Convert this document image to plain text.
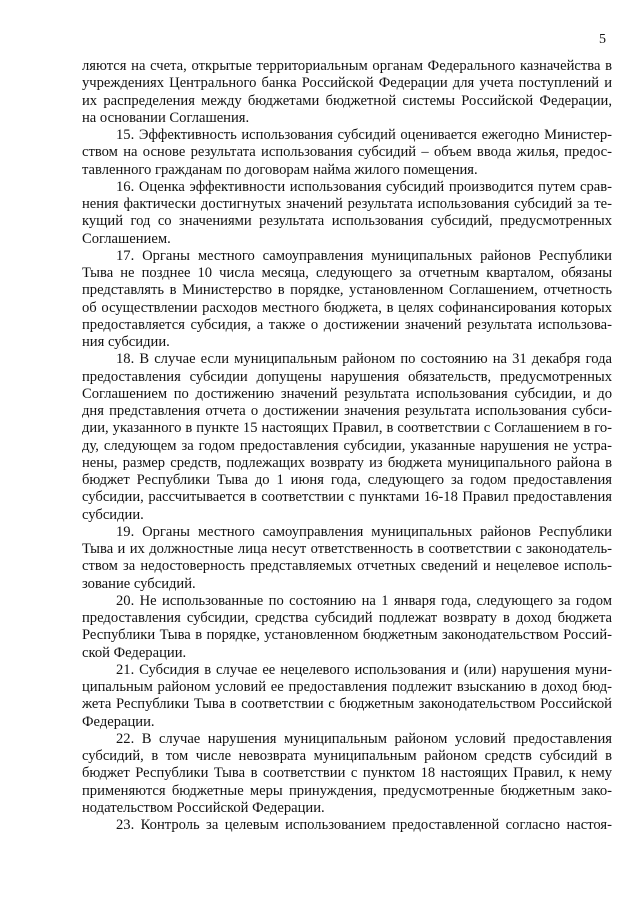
5
ляются на счета, открытые территориальным органам Федерального казначейства в
учреждениях Центрального банка Российской Федерации для учета поступлений и
их распределения между бюджетами бюджетной системы Российской Федерации,
на основании Соглашения.
15. Эффективность использования субсидий оценивается ежегодно Министер-
ством на основе результата использования субсидий – объем ввода жилья, предос-
тавленного гражданам по договорам найма жилого помещения.
16. Оценка эффективности использования субсидий производится путем срав-
нения фактически достигнутых значений результата использования субсидий за те-
кущий год со значениями результата использования субсидий, предусмотренных
Соглашением.
17. Органы местного самоуправления муниципальных районов Республики
Тыва не позднее 10 числа месяца, следующего за отчетным кварталом, обязаны
представлять в Министерство в порядке, установленном Соглашением, отчетность
об осуществлении расходов местного бюджета, в целях софинансирования которых
предоставляется субсидия, а также о достижении значений результата использова-
ния субсидии.
18. В случае если муниципальным районом по состоянию на 31 декабря года
предоставления субсидии допущены нарушения обязательств, предусмотренных
Соглашением по достижению значений результата использования субсидии, и до
дня представления отчета о достижении значения результата использования субси-
дии, указанного в пункте 15 настоящих Правил, в соответствии с Соглашением в го-
ду, следующем за годом предоставления субсидии, указанные нарушения не устра-
нены, размер средств, подлежащих возврату из бюджета муниципального района в
бюджет Республики Тыва до 1 июня года, следующего за годом предоставления
субсидии, рассчитывается в соответствии с пунктами 16-18 Правил предоставления
субсидии.
19. Органы местного самоуправления муниципальных районов Республики
Тыва и их должностные лица несут ответственность в соответствии с законодатель-
ством за недостоверность представляемых отчетных сведений и нецелевое исполь-
зование субсидий.
20. Не использованные по состоянию на 1 января года, следующего за годом
предоставления субсидии, средства субсидий подлежат возврату в доход бюджета
Республики Тыва в порядке, установленном бюджетным законодательством Россий-
ской Федерации.
21. Субсидия в случае ее нецелевого использования и (или) нарушения муни-
ципальным районом условий ее предоставления подлежит взысканию в доход бюд-
жета Республики Тыва в соответствии с бюджетным законодательством Российской
Федерации.
22. В случае нарушения муниципальным районом условий предоставления
субсидий, в том числе невозврата муниципальным районом средств субсидий в
бюджет Республики Тыва в соответствии с пунктом 18 настоящих Правил, к нему
применяются бюджетные меры принуждения, предусмотренные бюджетным зако-
нодательством Российской Федерации.
23. Контроль за целевым использованием предоставленной согласно настоя-
